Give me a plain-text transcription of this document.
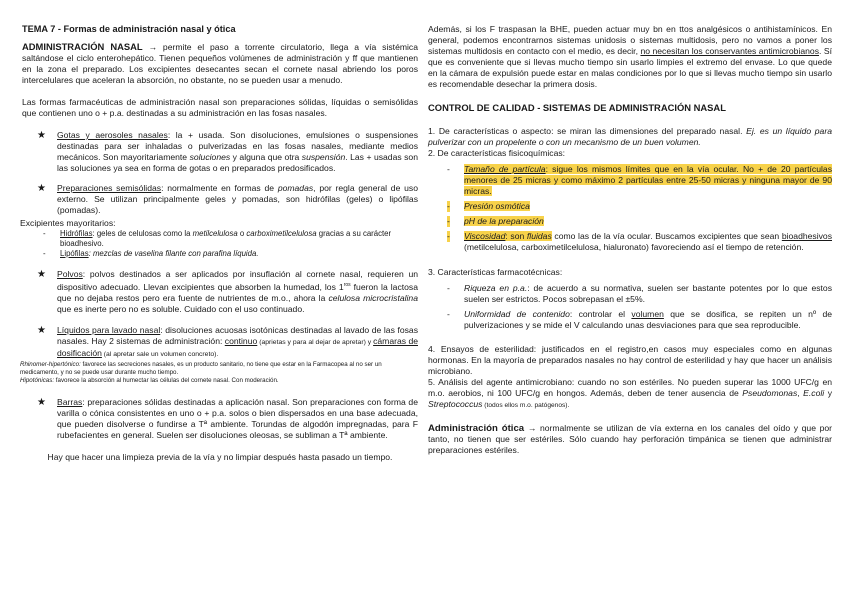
TEMA 7 - Formas de administración nasal y ótica

ADMINISTRACIÓN NASAL → permite el paso a torrente circulatorio, llega a vía sistémica saltándose el ciclo enterohepático. Tienen pequeños volúmenes de administración y ff que mantienen en la zona el preparado. Los excipientes desecantes secan el cornete nasal abriendo los poros intercelulares que aceleran la absorción, no obstante, no se pueden usar a menudo.

Las formas farmacéuticas de administración nasal son preparaciones sólidas, líquidas o semisólidas que contienen uno o + p.a. destinadas a su administración en las fosas nasales.

★ Gotas y aerosoles nasales: la + usada. Son disoluciones, emulsiones o suspensiones destinadas para ser inhaladas o pulverizadas en las fosas nasales, mediante medios mecánicos. Son mayoritariamente soluciones y alguna que otra suspensión. Las + usadas son las soluciones ya sea en forma de gotas o en preparados predosificados.
★ Preparaciones semisólidas: normalmente en formas de pomadas, por regla general de uso externo. Se utilizan principalmente geles y pomadas, son hidrófilas (geles) o lipófilas (pomadas).

Excipientes mayoritarios:

- Hidrófilas: geles de celulosas como la metilcelulosa o carboximetilcelulosa gracias a su carácter bioadhesivo.
- Lipófilas: mezclas de vaselina filante con parafina líquida.
★ Polvos: polvos destinados a ser aplicados por insuflación al cornete nasal, requieren un dispositivo adecuado. Llevan excipientes que absorben la humedad, los $1^{ros}$ fueron la lactosa que no dejaba restos pero era fuente de nutrientes de m.o., ahora la celulosa microcristalina que es inerte pero no es soluble. Cuidado con el uso continuado.
★ Líquidos para lavado nasal: disoluciones acuosas isotónicas destinadas al lavado de las fosas nasales. Hay 2 sistemas de administración: continuo (aprietas y para al dejar de apretar) y cámaras de dosificación (al apretar sale un volumen concreto).

Rhinomer-hipertónico: favorece las secreciones nasales, es un producto sanitario, no tiene que estar en la Farmacopea al no ser un medicamento, y no se puede usar durante mucho tiempo.

Hipotónicas: favorece la absorción al humectar las células del cornete nasal. Con moderación.

★ Barras: preparaciones sólidas destinadas a aplicación nasal. Son preparaciones con forma de varilla o cónica consistentes en uno o + p.a. solos o bien dispersados en una base adecuada, que pueden disolverse o fundirse a Tª ambiente. Torundas de algodón impregnadas, para F rubefacientes en general. Suelen ser disoluciones oleosas, se subliman a Tª ambiente.

Hay que hacer una limpieza previa de la vía y no limpiar después hasta pasado un tiempo.

Además, si los F traspasan la BHE, pueden actuar muy bn en ttos analgésicos o antihistamínicos. En general, podemos encontrarnos sistemas unidosis o sistemas multidosis, pero no vamos a poner los sistemas multidosis en contacto con el medio, es decir, no necesitan los conservantes antimicrobianos. Sí que es conveniente que si llevas mucho tiempo sin usarlo limpies el extremo del envase. Lo que quede en la cámara de expulsión puede estar en malas condiciones por lo que si llevas mucho tiempo sin usarlo es recomendable desechar la primera dosis.

CONTROL DE CALIDAD - SISTEMAS DE ADMINISTRACIÓN NASAL

1. De características o aspecto: se miran las dimensiones del preparado nasal. Ej. es un líquido para pulverizar con un propelente o con un mecanismo de un buen volumen.

2. De características fisicoquímicas:

- Tamaño de partícula: sigue los mismos límites que en la vía ocular. No + de 20 partículas menores de 25 micras y como máximo 2 partículas entre 25-50 micras y ninguna mayor de 90 micras.
- Presión osmótica
- pH de la preparación
- Viscosidad: son fluidas como las de la vía ocular. Buscamos excipientes que sean bioadhesivos (metilcelulosa, carboximetilcelulosa, hialuronato) favoreciendo así el tiempo de retención.

3. Características farmacotécnicas:

- Riqueza en p.a.: de acuerdo a su normativa, suelen ser bastante potentes por lo que estos suelen ser estrictos. Pocos sobrepasan el ±5%.
- Uniformidad de contenido: controlar el volumen que se dosifica, se repiten un nº de pulverizaciones y se mide el V calculando unas desviaciones para que sea reproducible.

4. Ensayos de esterilidad: justificados en el registro,en casos muy especiales como en algunas hormonas. En la mayoría de preparados nasales no hay control de esterilidad y hay que hacer un análisis microbiano.

5. Análisis del agente antimicrobiano: cuando no son estériles. No pueden superar las 1000 UFC/g en m.o. aerobios, ni 100 UFC/g en hongos. Además, deben de tener ausencia de Pseudomonas, E.coli y Streptococcus (todos ellos m.o. patógenos).

Administración ótica → normalmente se utilizan de vía externa en los canales del oído y que por tanto, no tienen que ser estériles. Sólo cuando hay perforación timpánica se tienen que administrar preparaciones estériles.
